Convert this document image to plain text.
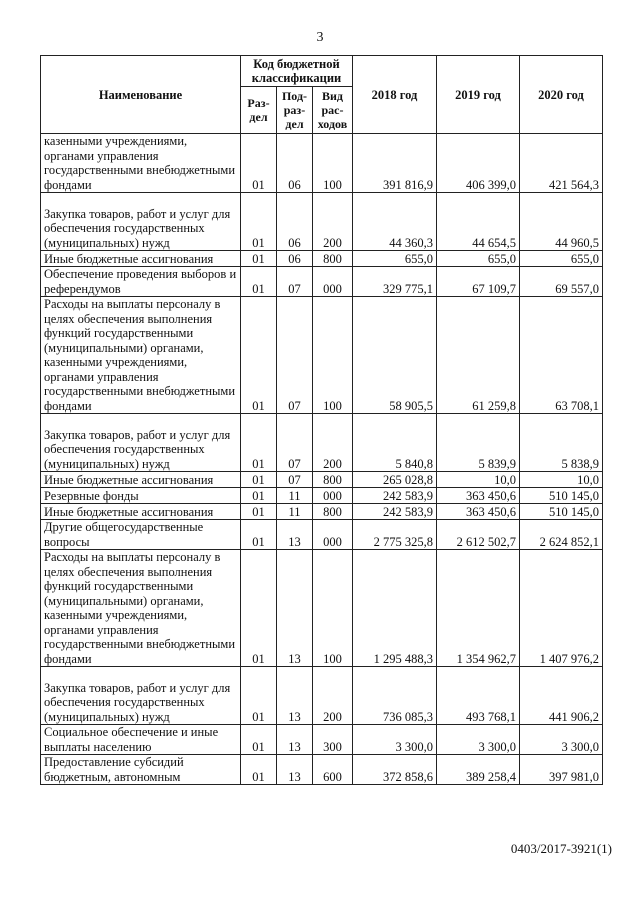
3
Наименование	Код бюджетной классификации			2018 год	2019 год	2020 год
	Раз-дел	Под-раз-дел	Вид рас-ходов			
казенными учреждениями, органами управления государственными внебюджетными фондами	01	06	100	391 816,9	406 399,0	421 564,3
Закупка товаров, работ и услуг для обеспечения государственных (муниципальных) нужд	01	06	200	44 360,3	44 654,5	44 960,5
Иные бюджетные ассигнования	01	06	800	655,0	655,0	655,0
Обеспечение проведения выборов и референдумов	01	07	000	329 775,1	67 109,7	69 557,0
Расходы на выплаты персоналу в целях обеспечения выполнения функций государственными (муниципальными) органами, казенными учреждениями, органами управления государственными внебюджетными фондами	01	07	100	58 905,5	61 259,8	63 708,1
Закупка товаров, работ и услуг для обеспечения государственных (муниципальных) нужд	01	07	200	5 840,8	5 839,9	5 838,9
Иные бюджетные ассигнования	01	07	800	265 028,8	10,0	10,0
Резервные фонды	01	11	000	242 583,9	363 450,6	510 145,0
Иные бюджетные ассигнования	01	11	800	242 583,9	363 450,6	510 145,0
Другие общегосударственные вопросы	01	13	000	2 775 325,8	2 612 502,7	2 624 852,1
Расходы на выплаты персоналу в целях обеспечения выполнения функций государственными (муниципальными) органами, казенными учреждениями, органами управления государственными внебюджетными фондами	01	13	100	1 295 488,3	1 354 962,7	1 407 976,2
Закупка товаров, работ и услуг для обеспечения государственных (муниципальных) нужд	01	13	200	736 085,3	493 768,1	441 906,2
Социальное обеспечение и иные выплаты населению	01	13	300	3 300,0	3 300,0	3 300,0
Предоставление субсидий бюджетным, автономным	01	13	600	372 858,6	389 258,4	397 981,0
0403/2017-3921(1)
